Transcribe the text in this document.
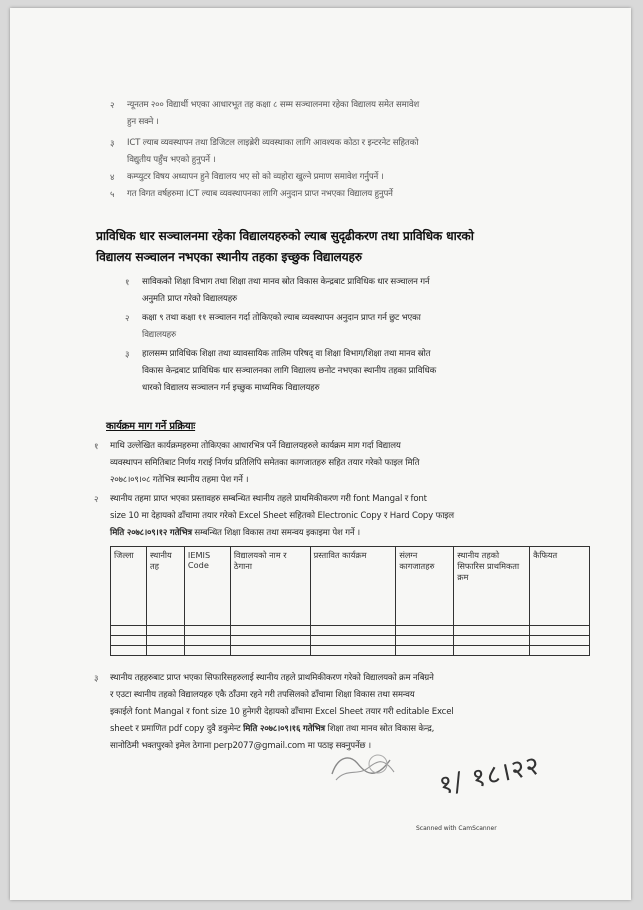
२ न्यूनतम २०० विद्यार्थी भएका आधारभूत तह कक्षा ८ सम्म सञ्चालनमा रहेका विद्यालय समेत समावेश
हुन सक्ने ।
३ ICT ल्याब व्यवस्थापन तथा डिजिटल लाइब्रेरी व्यवस्थाका लागि आवश्यक कोठा र इन्टरनेट सहितको
विद्युतीय पहुँच भएको हुनुपर्ने ।
४ कम्प्युटर विषय अध्यापन हुने विद्यालय भए सो को व्यहोरा खुल्ने प्रमाण समावेश गर्नुपर्ने ।
५ गत विगत वर्षहरुमा ICT ल्याब व्यवस्थापनका लागि अनुदान प्राप्त नभएका विद्यालय हुनुपर्ने
प्राविधिक धार सञ्चालनमा रहेका विद्यालयहरुको ल्याब सुदृढीकरण तथा प्राविधिक धारको
विद्यालय सञ्चालन नभएका स्थानीय तहका इच्छुक विद्यालयहरु
१ साविकको शिक्षा विभाग तथा शिक्षा तथा मानव स्रोत विकास केन्द्रबाट प्राविधिक धार सञ्चालन गर्न
अनुमति प्राप्त गरेको विद्यालयहरु
२ कक्षा ९ तथा कक्षा ११ सञ्चालन गर्दा तोकिएको ल्याब व्यवस्थापन अनुदान प्राप्त गर्न छुट भएका
विद्यालयहरु
३ हालसम्म प्राविधिक शिक्षा तथा व्यावसायिक तालिम परिषद् वा शिक्षा विभाग/शिक्षा तथा मानव स्रोत
विकास केन्द्रबाट प्राविधिक धार सञ्चालनका लागि विद्यालय छनोट नभएका स्थानीय तहका प्राविधिक
धारको विद्यालय सञ्चालन गर्न इच्छुक माध्यमिक विद्यालयहरु
कार्यक्रम माग गर्ने प्रक्रियाः
१ माथि उल्लेखित कार्यक्रमहरुमा तोकिएका आधारभित्र पर्ने विद्यालयहरुले कार्यक्रम माग गर्दा विद्यालय
व्यवस्थापन समितिबाट निर्णय गराई निर्णय प्रतिलिपि समेतका कागजातहरु सहित तयार गरेको फाइल मिति
२०७८।०९।०८ गतेभित्र स्थानीय तहमा पेश गर्ने ।
२ स्थानीय तहमा प्राप्त भएका प्रस्तावहरु सम्बन्धित स्थानीय तहले प्राथमिकीकरण गरी font Mangal र font
size 10 मा देहायको ढाँचामा तयार गरेको Excel Sheet सहितको Electronic Copy र Hard Copy फाइल
मिति २०७८।०९।१२ गतेभित्र सम्बन्धित शिक्षा विकास तथा समन्वय इकाइमा पेश गर्ने ।
जिल्ला	स्थानीय तह	IEMIS Code	विद्यालयको नाम र ठेगाना	प्रस्तावित कार्यक्रम	संलग्न कागजातहरु	स्थानीय तहको सिफारिस प्राथमिकता क्रम	कैफियत

३ स्थानीय तहहरुबाट प्राप्त भएका सिफारिसहरुलाई स्थानीय तहले प्राथमिकीकरण गरेको विद्यालयको क्रम नबिग्रने
र एउटा स्थानीय तहको विद्यालयहरु एकै ठाँउमा रहने गरी तपसिलको ढाँचामा शिक्षा विकास तथा समन्वय
इकाईले font Mangal र font size 10 हुनेगरी देहायको ढाँचामा Excel Sheet तयार गरी editable Excel
sheet र प्रमाणित pdf copy दुवै डकुमेन्ट मिति २०७८।०९।१६ गतेभित्र शिक्षा तथा मानव स्रोत विकास केन्द्र,
सानोठिमी भक्तपुरको इमेल ठेगाना perp2077@gmail.com मा पठाइ सक्नुपर्नेछ ।
१/ १८।२२
Scanned with CamScanner
